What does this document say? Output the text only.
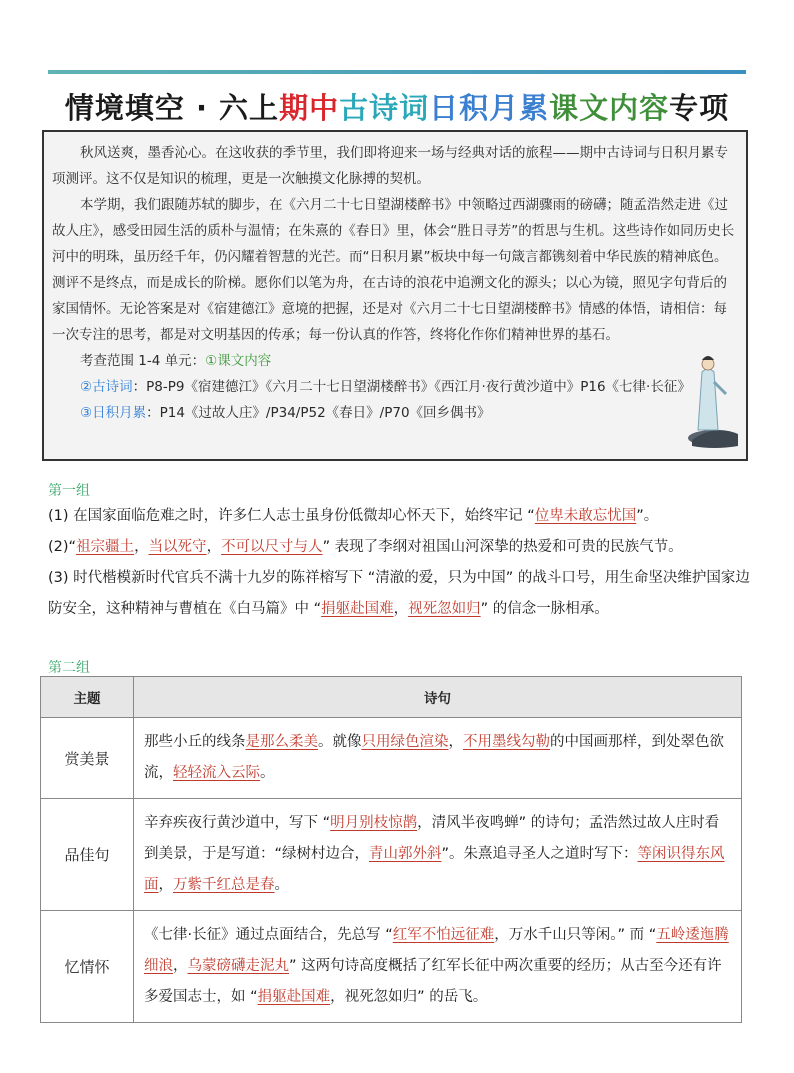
情境填空 · 六上期中古诗词日积月累课文内容专项

秋风送爽，墨香沁心。在这收获的季节里，我们即将迎来一场与经典对话的旅程——期中古诗词与日积月累专项测评。这不仅是知识的梳理，更是一次触摸文化脉搏的契机。

本学期，我们跟随苏轼的脚步，在《六月二十七日望湖楼醉书》中领略过西湖骤雨的磅礴；随孟浩然走进《过故人庄》，感受田园生活的质朴与温情；在朱熹的《春日》里，体会“胜日寻芳”的哲思与生机。这些诗作如同历史长河中的明珠，虽历经千年，仍闪耀着智慧的光芒。而“日积月累”板块中每一句箴言都镌刻着中华民族的精神底色。测评不是终点，而是成长的阶梯。愿你们以笔为舟，在古诗的浪花中追溯文化的源头；以心为镜，照见字句背后的家国情怀。无论答案是对《宿建德江》意境的把握，还是对《六月二十七日望湖楼醉书》情感的体悟，请相信：每一次专注的思考，都是对文明基因的传承；每一份认真的作答，终将化作你们精神世界的基石。

考查范围 1-4 单元：①课文内容

②古诗词：P8-P9《宿建德江》《六月二十七日望湖楼醉书》《西江月·夜行黄沙道中》P16《七律·长征》

③日积月累：P14《过故人庄》/P34/P52《春日》/P70《回乡偶书》

第一组
(1) 在国家面临危难之时，许多仁人志士虽身份低微却心怀天下，始终牢记 “位卑未敢忘忧国”。
(2)“祖宗疆土，当以死守，不可以尺寸与人” 表现了李纲对祖国山河深挚的热爱和可贵的民族气节。
(3) 时代楷模新时代官兵不满十九岁的陈祥榕写下 “清澈的爱，只为中国” 的战斗口号，用生命坚决维护国家边防安全，这种精神与曹植在《白马篇》中 “捐躯赴国难，视死忽如归” 的信念一脉相承。
第二组
主题	诗句
赏美景	那些小丘的线条是那么柔美。就像只用绿色渲染，不用墨线勾勒的中国画那样，到处翠色欲流，轻轻流入云际。
品佳句	辛弃疾夜行黄沙道中，写下 “明月别枝惊鹊，清风半夜鸣蝉” 的诗句；孟浩然过故人庄时看到美景，于是写道：“绿树村边合，青山郭外斜”。朱熹追寻圣人之道时写下：等闲识得东风面，万紫千红总是春。
忆情怀	《七律·长征》通过点面结合，先总写 “红军不怕远征难，万水千山只等闲。” 而 “五岭逶迤腾细浪，乌蒙磅礴走泥丸” 这两句诗高度概括了红军长征中两次重要的经历；从古至今还有许多爱国志士，如 “捐躯赴国难，视死忽如归” 的岳飞。
